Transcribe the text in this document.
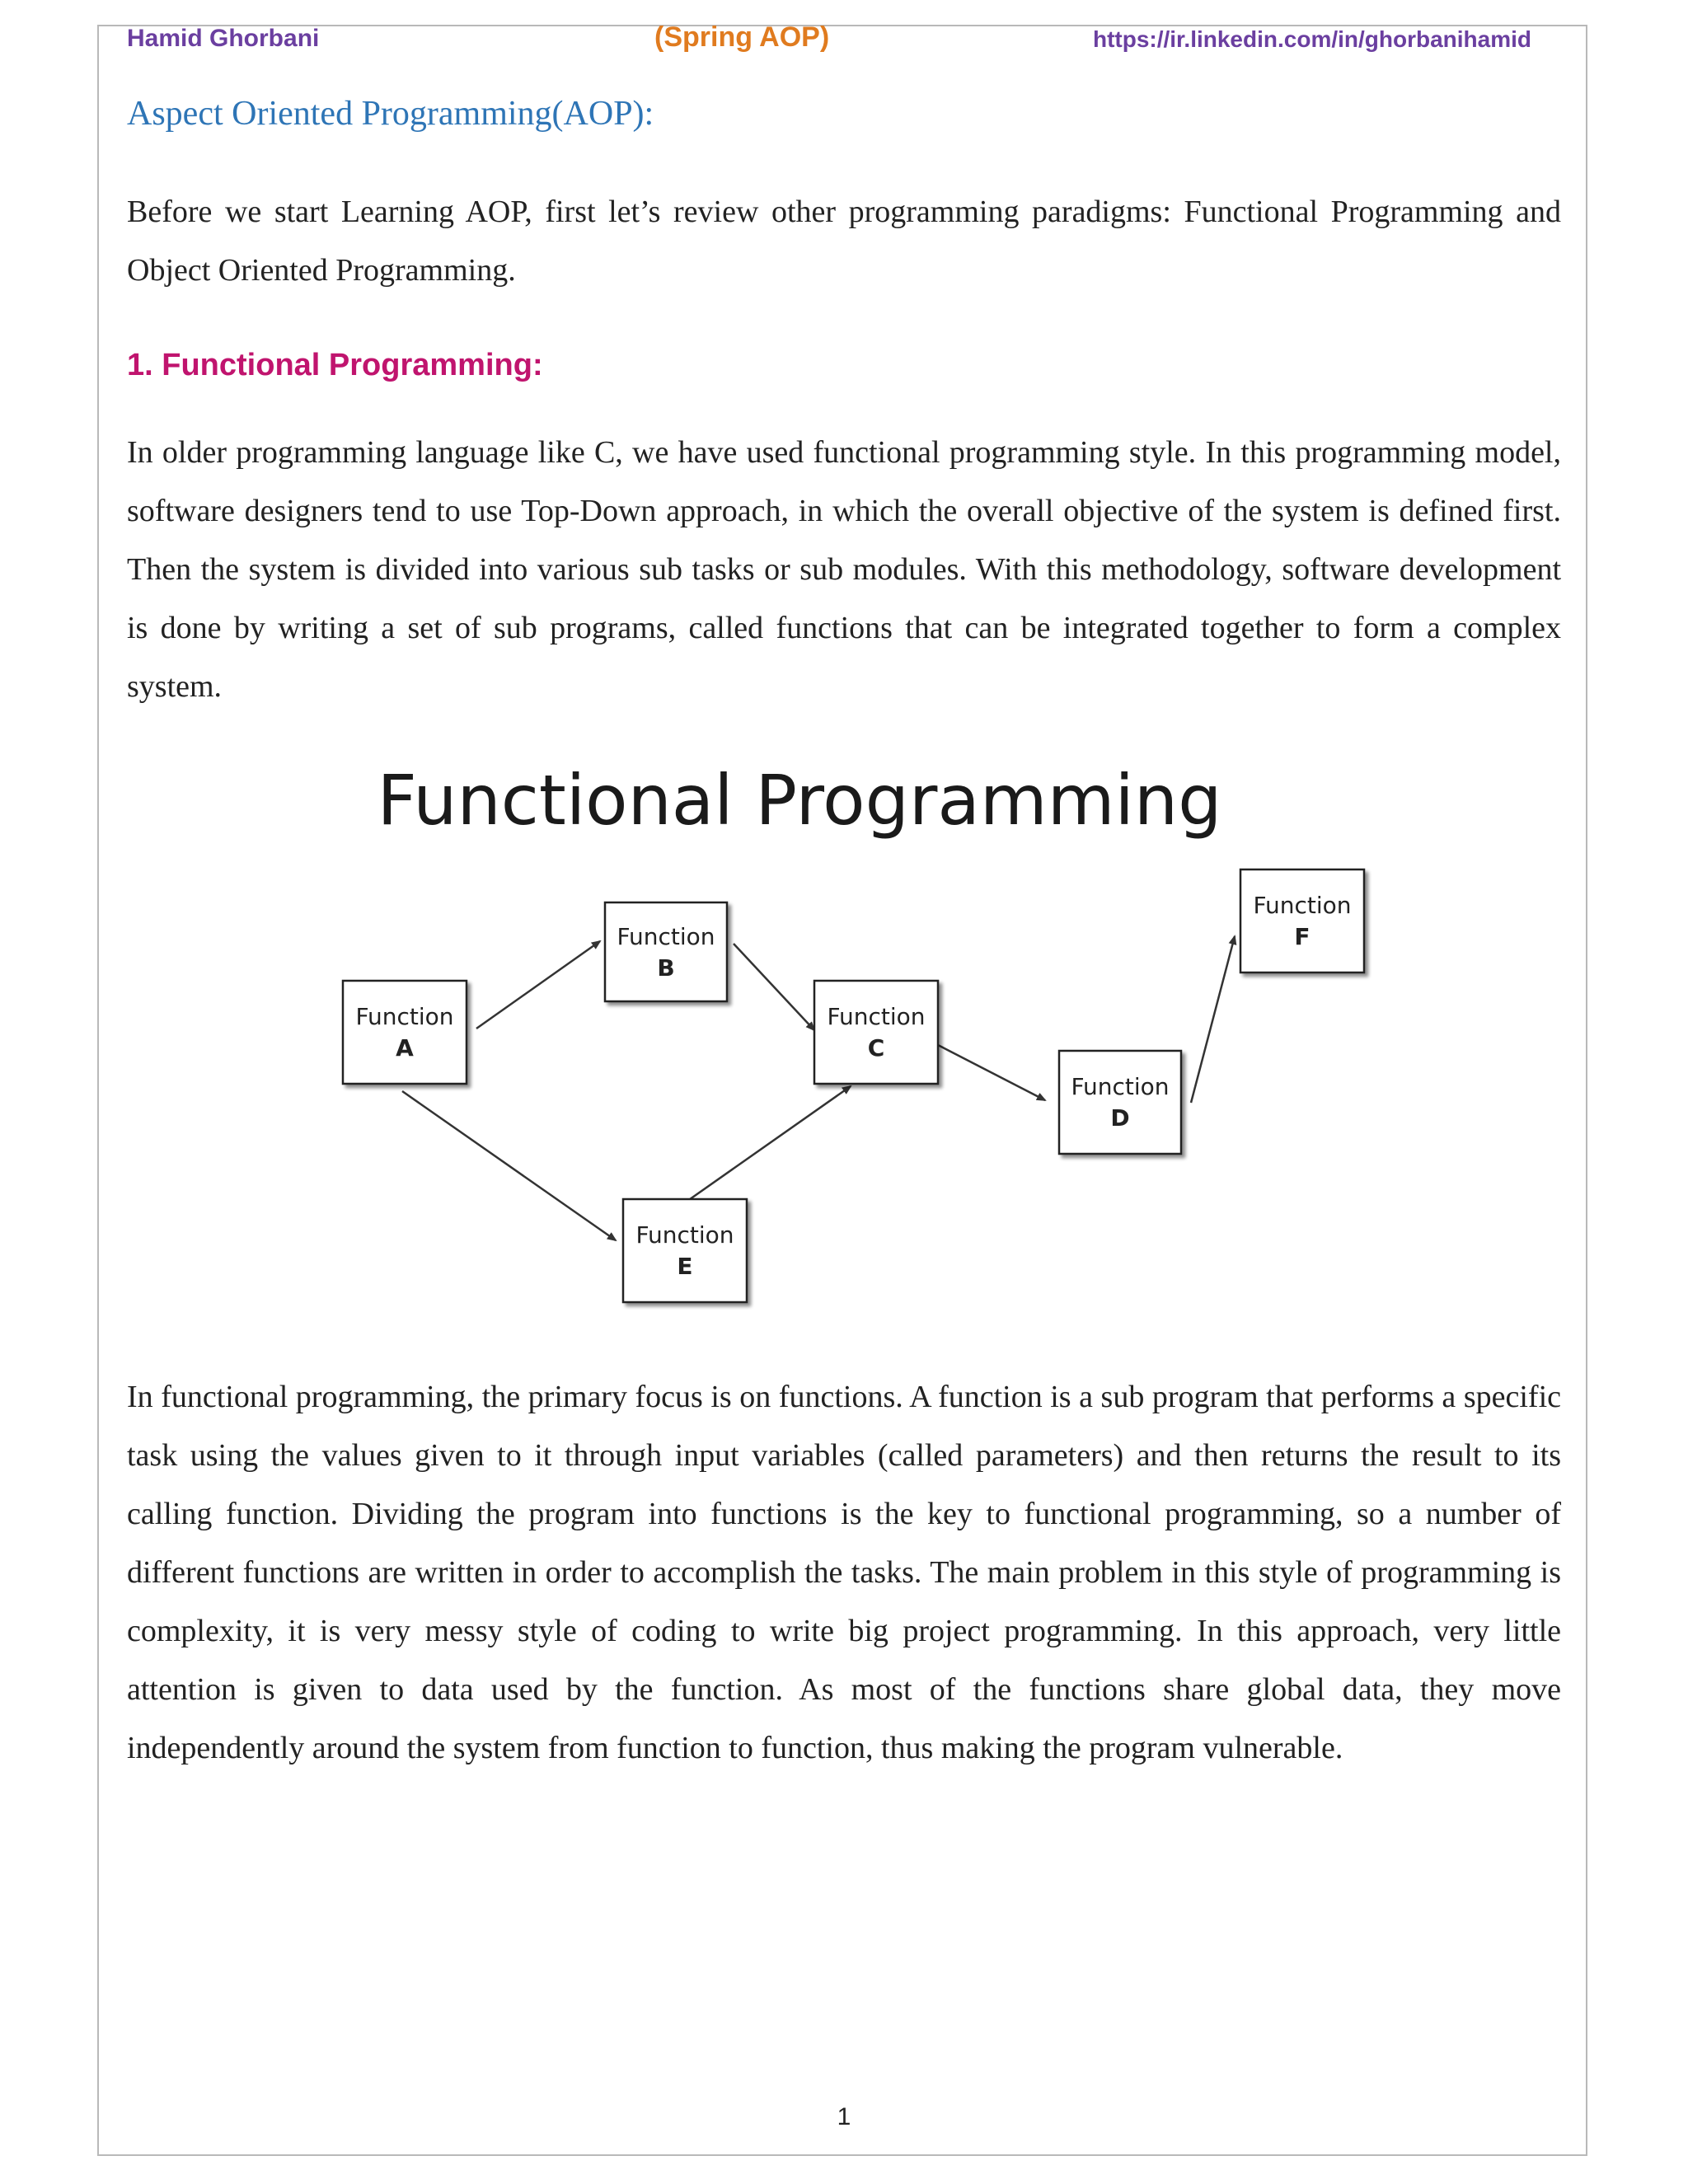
Hamid Ghorbani	(Spring AOP)	https://ir.linkedin.com/in/ghorbanihamid
Aspect Oriented Programming(AOP):

Before we start Learning AOP, first let’s review other programming paradigms: Functional Programming and Object Oriented Programming.

1. Functional Programming:

In older programming language like C, we have used functional programming style. In this programming model, software designers tend to use Top-Down approach, in which the overall objective of the system is defined first. Then the system is divided into various sub tasks or sub modules. With this methodology, software development is done by writing a set of sub programs, called functions that can be integrated together to form a complex system.

Functional Programming
Function
A
Function
B
Function
C
Function
D
Function
E
Function
F

In functional programming, the primary focus is on functions. A function is a sub program that performs a specific task using the values given to it through input variables (called parameters) and then returns the result to its calling function. Dividing the program into functions is the key to functional programming, so a number of different functions are written in order to accomplish the tasks. The main problem in this style of programming is complexity, it is very messy style of coding to write big project programming. In this approach, very little attention is given to data used by the function. As most of the functions share global data, they move independently around the system from function to function, thus making the program vulnerable.

1
